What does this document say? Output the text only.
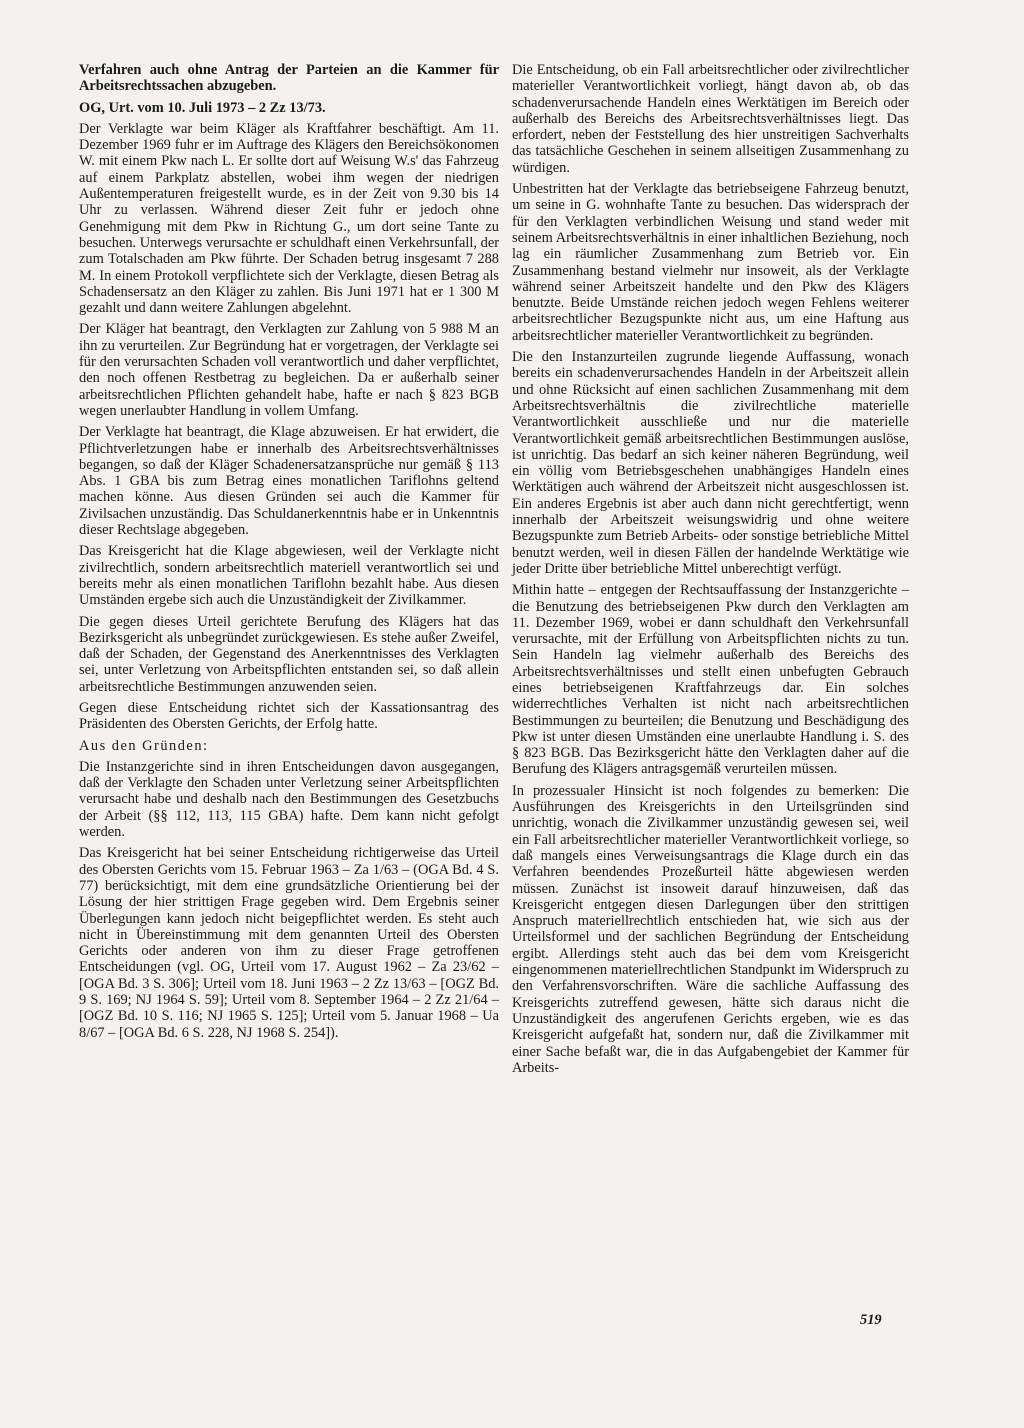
Verfahren auch ohne Antrag der Parteien an die Kammer für Arbeitsrechtssachen abzugeben.

OG, Urt. vom 10. Juli 1973 – 2 Zz 13/73.

Der Verklagte war beim Kläger als Kraftfahrer beschäftigt. Am 11. Dezember 1969 fuhr er im Auftrage des Klägers den Bereichsökonomen W. mit einem Pkw nach L. Er sollte dort auf Weisung W.s' das Fahrzeug auf einem Parkplatz abstellen, wobei ihm wegen der niedrigen Außentemperaturen freigestellt wurde, es in der Zeit von 9.30 bis 14 Uhr zu verlassen. Während dieser Zeit fuhr er jedoch ohne Genehmigung mit dem Pkw in Richtung G., um dort seine Tante zu besuchen. Unterwegs verursachte er schuldhaft einen Verkehrsunfall, der zum Totalschaden am Pkw führte. Der Schaden betrug insgesamt 7 288 M. In einem Protokoll verpflichtete sich der Verklagte, diesen Betrag als Schadensersatz an den Kläger zu zahlen. Bis Juni 1971 hat er 1 300 M gezahlt und dann weitere Zahlungen abgelehnt.

Der Kläger hat beantragt, den Verklagten zur Zahlung von 5 988 M an ihn zu verurteilen. Zur Begründung hat er vorgetragen, der Verklagte sei für den verursachten Schaden voll verantwortlich und daher verpflichtet, den noch offenen Restbetrag zu begleichen. Da er außerhalb seiner arbeitsrechtlichen Pflichten gehandelt habe, hafte er nach § 823 BGB wegen unerlaubter Handlung in vollem Umfang.

Der Verklagte hat beantragt, die Klage abzuweisen. Er hat erwidert, die Pflichtverletzungen habe er innerhalb des Arbeitsrechtsverhältnisses begangen, so daß der Kläger Schadenersatzansprüche nur gemäß § 113 Abs. 1 GBA bis zum Betrag eines monatlichen Tariflohns geltend machen könne. Aus diesen Gründen sei auch die Kammer für Zivilsachen unzuständig. Das Schuldanerkenntnis habe er in Unkenntnis dieser Rechtslage abgegeben.

Das Kreisgericht hat die Klage abgewiesen, weil der Verklagte nicht zivilrechtlich, sondern arbeitsrechtlich materiell verantwortlich sei und bereits mehr als einen monatlichen Tariflohn bezahlt habe. Aus diesen Umständen ergebe sich auch die Unzuständigkeit der Zivilkammer.

Die gegen dieses Urteil gerichtete Berufung des Klägers hat das Bezirksgericht als unbegründet zurückgewiesen. Es stehe außer Zweifel, daß der Schaden, der Gegenstand des Anerkenntnisses des Verklagten sei, unter Verletzung von Arbeitspflichten entstanden sei, so daß allein arbeitsrechtliche Bestimmungen anzuwenden seien.

Gegen diese Entscheidung richtet sich der Kassationsantrag des Präsidenten des Obersten Gerichts, der Erfolg hatte.

Aus den Gründen:

Die Instanzgerichte sind in ihren Entscheidungen davon ausgegangen, daß der Verklagte den Schaden unter Verletzung seiner Arbeitspflichten verursacht habe und deshalb nach den Bestimmungen des Gesetzbuchs der Arbeit (§§ 112, 113, 115 GBA) hafte. Dem kann nicht gefolgt werden.

Das Kreisgericht hat bei seiner Entscheidung richtigerweise das Urteil des Obersten Gerichts vom 15. Februar 1963 – Za 1/63 – (OGA Bd. 4 S. 77) berücksichtigt, mit dem eine grundsätzliche Orientierung bei der Lösung der hier strittigen Frage gegeben wird. Dem Ergebnis seiner Überlegungen kann jedoch nicht beigepflichtet werden. Es steht auch nicht in Übereinstimmung mit dem genannten Urteil des Obersten Gerichts oder anderen von ihm zu dieser Frage getroffenen Entscheidungen (vgl. OG, Urteil vom 17. August 1962 – Za 23/62 – [OGA Bd. 3 S. 306]; Urteil vom 18. Juni 1963 – 2 Zz 13/63 – [OGZ Bd. 9 S. 169; NJ 1964 S. 59]; Urteil vom 8. September 1964 – 2 Zz 21/64 – [OGZ Bd. 10 S. 116; NJ 1965 S. 125]; Urteil vom 5. Januar 1968 – Ua 8/67 – [OGA Bd. 6 S. 228, NJ 1968 S. 254]).

Die Entscheidung, ob ein Fall arbeitsrechtlicher oder zivilrechtlicher materieller Verantwortlichkeit vorliegt, hängt davon ab, ob das schadenverursachende Handeln eines Werktätigen im Bereich oder außerhalb des Bereichs des Arbeitsrechtsverhältnisses liegt. Das erfordert, neben der Feststellung des hier unstreitigen Sachverhalts das tatsächliche Geschehen in seinem allseitigen Zusammenhang zu würdigen.

Unbestritten hat der Verklagte das betriebseigene Fahrzeug benutzt, um seine in G. wohnhafte Tante zu besuchen. Das widersprach der für den Verklagten verbindlichen Weisung und stand weder mit seinem Arbeitsrechtsverhältnis in einer inhaltlichen Beziehung, noch lag ein räumlicher Zusammenhang zum Betrieb vor. Ein Zusammenhang bestand vielmehr nur insoweit, als der Verklagte während seiner Arbeitszeit handelte und den Pkw des Klägers benutzte. Beide Umstände reichen jedoch wegen Fehlens weiterer arbeitsrechtlicher Bezugspunkte nicht aus, um eine Haftung aus arbeitsrechtlicher materieller Verantwortlichkeit zu begründen.

Die den Instanzurteilen zugrunde liegende Auffassung, wonach bereits ein schadenverursachendes Handeln in der Arbeitszeit allein und ohne Rücksicht auf einen sachlichen Zusammenhang mit dem Arbeitsrechtsverhältnis die zivilrechtliche materielle Verantwortlichkeit ausschließe und nur die materielle Verantwortlichkeit gemäß arbeitsrechtlichen Bestimmungen auslöse, ist unrichtig. Das bedarf an sich keiner näheren Begründung, weil ein völlig vom Betriebsgeschehen unabhängiges Handeln eines Werktätigen auch während der Arbeitszeit nicht ausgeschlossen ist. Ein anderes Ergebnis ist aber auch dann nicht gerechtfertigt, wenn innerhalb der Arbeitszeit weisungswidrig und ohne weitere Bezugspunkte zum Betrieb Arbeits- oder sonstige betriebliche Mittel benutzt werden, weil in diesen Fällen der handelnde Werktätige wie jeder Dritte über betriebliche Mittel unberechtigt verfügt.

Mithin hatte – entgegen der Rechtsauffassung der Instanzgerichte – die Benutzung des betriebseigenen Pkw durch den Verklagten am 11. Dezember 1969, wobei er dann schuldhaft den Verkehrsunfall verursachte, mit der Erfüllung von Arbeitspflichten nichts zu tun. Sein Handeln lag vielmehr außerhalb des Bereichs des Arbeitsrechtsverhältnisses und stellt einen unbefugten Gebrauch eines betriebseigenen Kraftfahrzeugs dar. Ein solches widerrechtliches Verhalten ist nicht nach arbeitsrechtlichen Bestimmungen zu beurteilen; die Benutzung und Beschädigung des Pkw ist unter diesen Umständen eine unerlaubte Handlung i. S. des § 823 BGB. Das Bezirksgericht hätte den Verklagten daher auf die Berufung des Klägers antragsgemäß verurteilen müssen.

In prozessualer Hinsicht ist noch folgendes zu bemerken: Die Ausführungen des Kreisgerichts in den Urteilsgründen sind unrichtig, wonach die Zivilkammer unzuständig gewesen sei, weil ein Fall arbeitsrechtlicher materieller Verantwortlichkeit vorliege, so daß mangels eines Verweisungsantrags die Klage durch ein das Verfahren beendendes Prozeßurteil hätte abgewiesen werden müssen. Zunächst ist insoweit darauf hinzuweisen, daß das Kreisgericht entgegen diesen Darlegungen über den strittigen Anspruch materiellrechtlich entschieden hat, wie sich aus der Urteilsformel und der sachlichen Begründung der Entscheidung ergibt. Allerdings steht auch das bei dem vom Kreisgericht eingenommenen materiellrechtlichen Standpunkt im Widerspruch zu den Verfahrensvorschriften. Wäre die sachliche Auffassung des Kreisgerichts zutreffend gewesen, hätte sich daraus nicht die Unzuständigkeit des angerufenen Gerichts ergeben, wie es das Kreisgericht aufgefaßt hat, sondern nur, daß die Zivilkammer mit einer Sache befaßt war, die in das Aufgabengebiet der Kammer für Arbeits-

519
